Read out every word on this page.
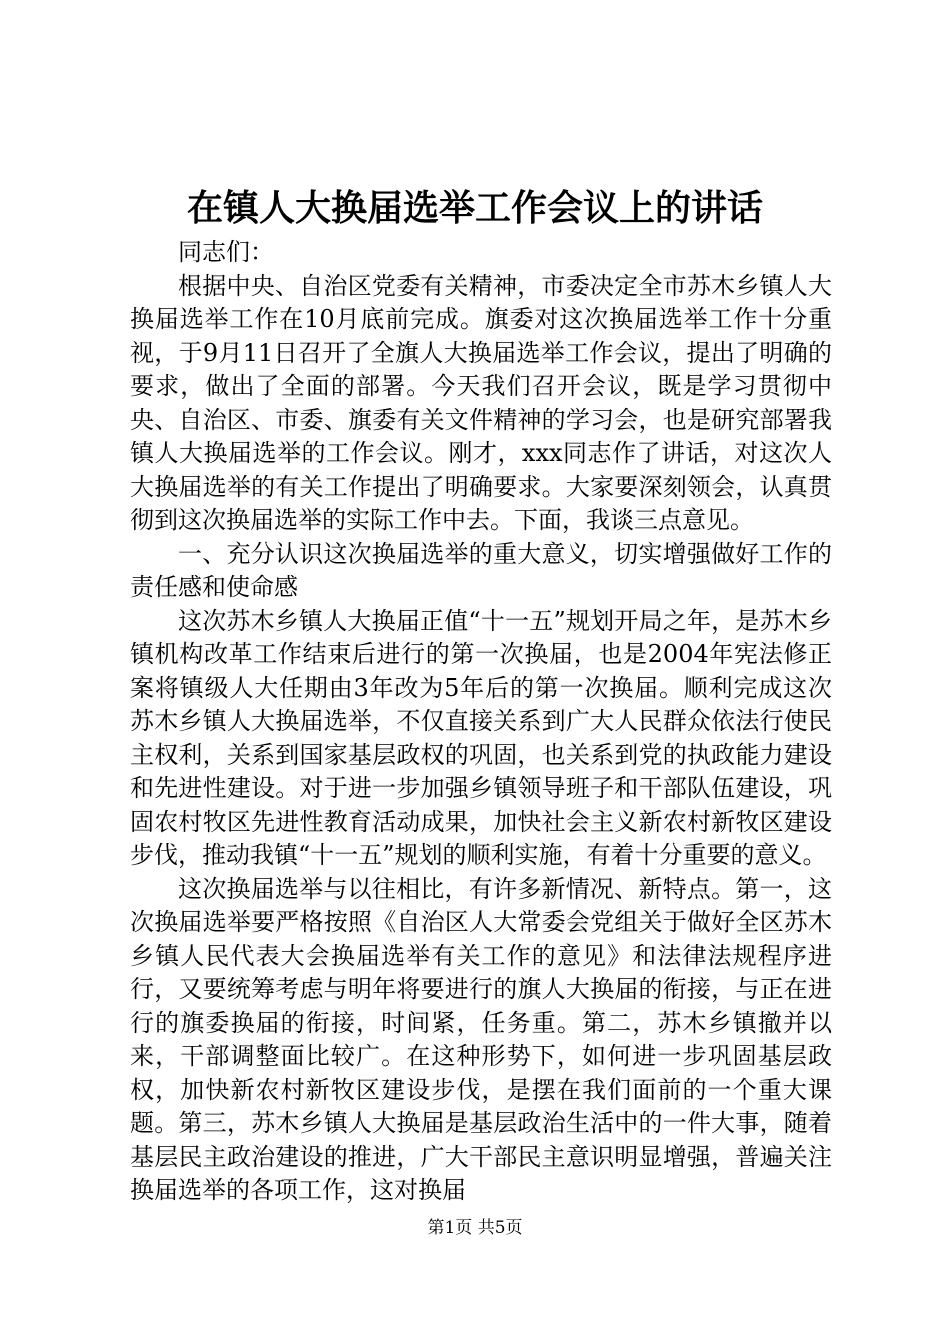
在镇人大换届选举工作会议上的讲话

同志们：

根据中央、自治区党委有关精神，市委决定全市苏木乡镇人大换届选举工作在10月底前完成。旗委对这次换届选举工作十分重视，于9月11日召开了全旗人大换届选举工作会议，提出了明确的要求，做出了全面的部署。今天我们召开会议，既是学习贯彻中央、自治区、市委、旗委有关文件精神的学习会，也是研究部署我镇人大换届选举的工作会议。刚才，xxx同志作了讲话，对这次人大换届选举的有关工作提出了明确要求。大家要深刻领会，认真贯彻到这次换届选举的实际工作中去。下面，我谈三点意见。

一、充分认识这次换届选举的重大意义，切实增强做好工作的责任感和使命感

这次苏木乡镇人大换届正值“十一五”规划开局之年，是苏木乡镇机构改革工作结束后进行的第一次换届，也是2004年宪法修正案将镇级人大任期由3年改为5年后的第一次换届。顺利完成这次苏木乡镇人大换届选举，不仅直接关系到广大人民群众依法行使民主权利，关系到国家基层政权的巩固，也关系到党的执政能力建设和先进性建设。对于进一步加强乡镇领导班子和干部队伍建设，巩固农村牧区先进性教育活动成果，加快社会主义新农村新牧区建设步伐，推动我镇“十一五”规划的顺利实施，有着十分重要的意义。

这次换届选举与以往相比，有许多新情况、新特点。第一，这次换届选举要严格按照《自治区人大常委会党组关于做好全区苏木乡镇人民代表大会换届选举有关工作的意见》和法律法规程序进行，又要统筹考虑与明年将要进行的旗人大换届的衔接，与正在进行的旗委换届的衔接，时间紧，任务重。第二，苏木乡镇撤并以来，干部调整面比较广。在这种形势下，如何进一步巩固基层政权，加快新农村新牧区建设步伐，是摆在我们面前的一个重大课题。第三，苏木乡镇人大换届是基层政治生活中的一件大事，随着基层民主政治建设的推进，广大干部民主意识明显增强，普遍关注换届选举的各项工作，这对换届

第1页 共5页
